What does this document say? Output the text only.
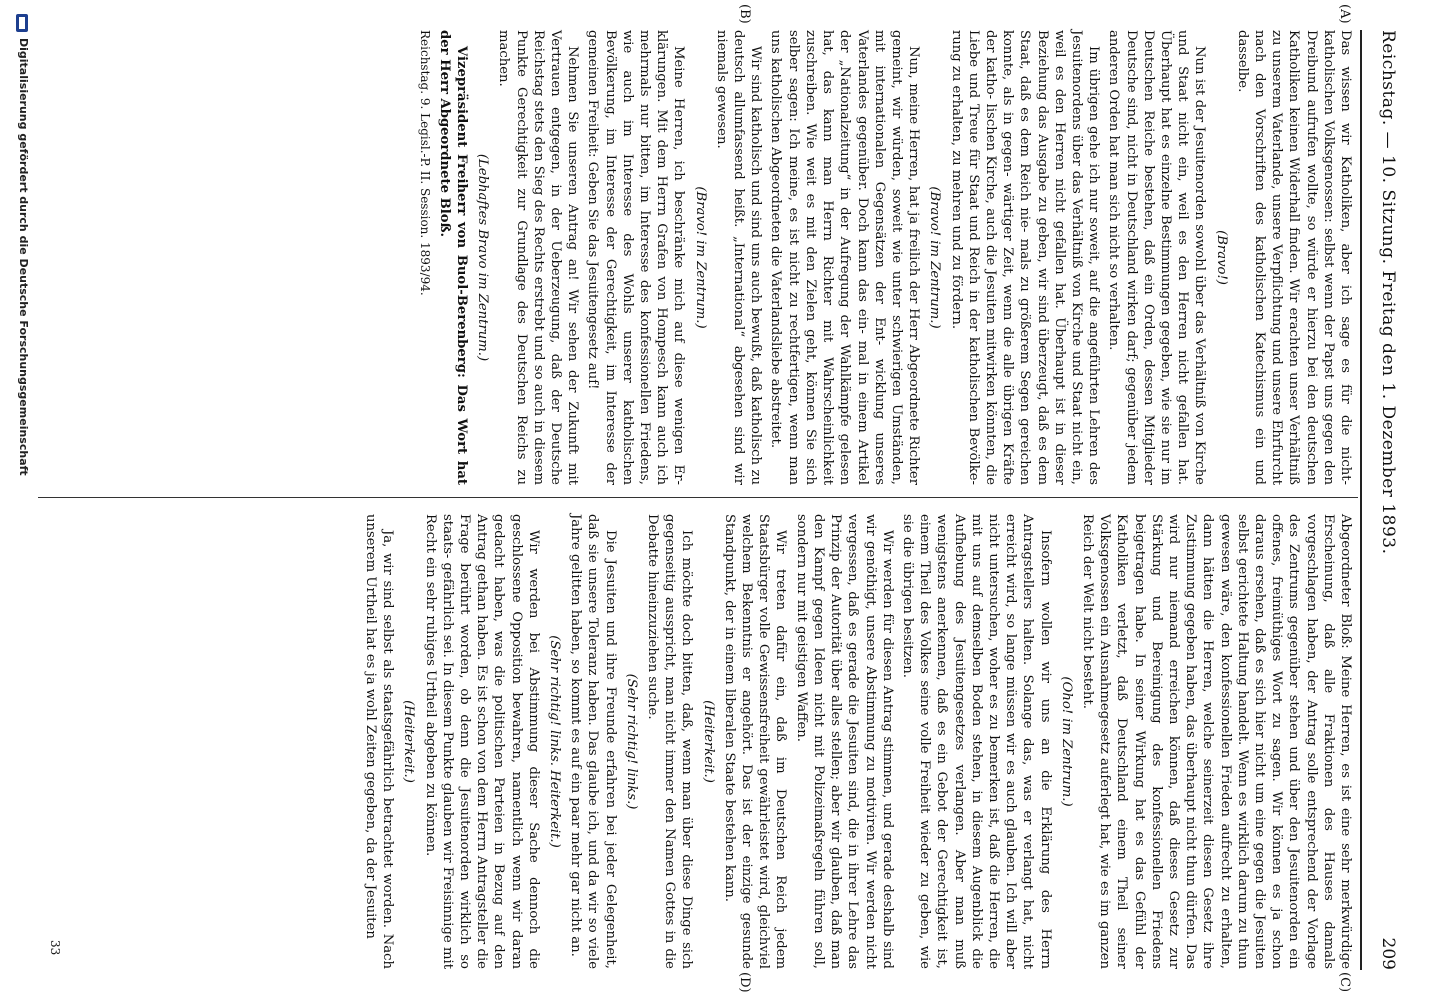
Reichstag. — 10. Sitzung. Freitag den 1. Dezember 1893.
209
(A)
(B)
(C)
(D)

Das wissen wir Katholiken, aber ich sage es für die nicht-katholischen Volksgenossen: selbst wenn der Papst uns gegen den Dreibund aufrufen wollte, so würde er hierzu bei den deutschen Katholiken keinen Widerhall finden. Wir erachten unser Verhältniß zu unserem Vaterlande, unsere Verpflichtung und unsere Ehrfurcht nach den Vorschriften des katholischen Katechismus ein und dasselbe.

(Bravo!)

Nun ist der Jesuitenorden sowohl über das Verhältniß von Kirche und Staat nicht ein, weil es den Herren nicht gefallen hat. Überhaupt hat es einzelne Bestimmungen gegeben, wie sie nur im Deutschen Reiche bestehen, daß ein Orden, dessen Mitglieder Deutsche sind, nicht in Deutschland wirken darf; gegenüber jedem anderen Orden hat man sich nicht so verhalten.

Im übrigen gehe ich nur soweit, auf die angeführten Lehren des Jesuitenordens über das Verhältniß von Kirche und Staat nicht ein, weil es den Herren nicht gefallen hat. Überhaupt ist in dieser Beziehung das Ausgabe zu geben, wir sind überzeugt, daß es dem Staat, daß es dem Reich nie- mals zu größerem Segen gereichen konnte, als in gegen- wärtiger Zeit, wenn die alle übrigen Kräfte der katho- lischen Kirche, auch die Jesuiten mitwirken könnten, die Liebe und Treue für Staat und Reich in der katholischen Bevölke- rung zu erhalten, zu mehren und zu fördern.

(Bravo! im Zentrum.)

Nun, meine Herren, hat ja freilich der Herr Abgeordnete Richter gemeint, wir würden, soweit wie unter schwierigen Umständen, mit internationalen Gegensätzen der Ent- wicklung unseres Vaterlandes gegenüber. Doch kann das ein- mal in einem Artikel der „Nationalzeitung“ in der Aufregung der Wahlkämpfe gelesen hat, das kann man Herrn Richter mit Wahrscheinlichkeit zuschreiben. Wie weit es mit den Zielen geht, können Sie sich selber sagen: Ich meine, es ist nicht zu rechtfertigen, wenn man uns katholischen Abgeordneten die Vaterlandsliebe abstreitet.

Wir sind katholisch und sind uns auch bewußt, daß katholisch zu deutsch allumfassend heißt. „International“ abgesehen sind wir niemals gewesen.

(Bravo! im Zentrum.)

Meine Herren, ich beschränke mich auf diese wenigen Er- klärungen. Mit dem Herrn Grafen von Hompesch kann auch ich mehrmals nur bitten, im Interesse des konfessionellen Friedens, wie auch im Interesse des Wohls unserer katholischen Bevölkerung, im Interesse der Gerechtigkeit, im Interesse der gemeinen Freiheit: Geben Sie das Jesuitengesetz auf!

Nehmen Sie unseren Antrag an! Wir sehen der Zukunft mit Vertrauen entgegen, in der Ueberzeugung, daß der Deutsche Reichstag stets den Sieg des Rechts erstrebt und so auch in diesem Punkte Gerechtigkeit zur Grundlage des Deutschen Reichs zu machen.

(Lebhaftes Bravo im Zentrum.)

Vizepräsident Freiherr von Buol-Berenberg: Das Wort hat der Herr Abgeordnete Bloß.

Reichstag. 9. Legisl.-P. II. Session. 1893/94.

Abgeordneter Bloß: Meine Herren, es ist eine sehr merkwürdige Erscheinung, daß alle Fraktionen des Hauses damals vorgeschlagen haben, der Antrag solle entsprechend der Vorlage des Zentrums gegenüber stehen und über den Jesuitenorden ein offenes, freimüthiges Wort zu sagen. Wir können es ja schon daraus ersehen, daß es sich hier nicht um eine gegen die Jesuiten selbst gerichtete Haltung handelt. Wenn es wirklich darum zu thun gewesen wäre, den konfessionellen Frieden aufrecht zu erhalten, dann hätten die Herren, welche seinerzeit diesen Gesetz ihre Zustimmung gegeben haben, das überhaupt nicht thun dürfen. Das wird nur niemand erreichen können, daß dieses Gesetz zur Stärkung und Bereinigung des konfessionellen Friedens beigetragen habe. In seiner Wirkung hat es das Gefühl der Katholiken verletzt, daß Deutschland einem Theil seiner Volksgenossen ein Ausnahmegesetz auferlegt hat, wie es im ganzen Reich der Welt nicht besteht.

(Oho! im Zentrum.)

Insofern wollen wir uns an die Erklärung des Herrn Antragstellers halten. Solange das, was er verlangt hat, nicht erreicht wird, so lange müssen wir es auch glauben. Ich will aber nicht untersuchen, woher es zu bemerken ist, daß die Herren, die mit uns auf demselben Boden stehen, in diesem Augenblick die Aufhebung des Jesuitengesetzes verlangen. Aber man muß wenigstens anerkennen, daß es ein Gebot der Gerechtigkeit ist, einem Theil des Volkes seine volle Freiheit wieder zu geben, wie sie die übrigen besitzen.

Wir werden für diesen Antrag stimmen, und gerade deshalb sind wir genöthigt, unsere Abstimmung zu motiviren. Wir werden nicht vergessen, daß es gerade die Jesuiten sind, die in ihrer Lehre das Prinzip der Autorität über alles stellen; aber wir glauben, daß man den Kampf gegen Ideen nicht mit Polizeimaßregeln führen soll, sondern nur mit geistigen Waffen.

Wir treten dafür ein, daß im Deutschen Reich jedem Staatsbürger volle Gewissensfreiheit gewährleistet wird, gleichviel welchem Bekenntnis er angehört. Das ist der einzige gesunde Standpunkt, der in einem liberalen Staate bestehen kann.

(Heiterkeit.)

Ich möchte doch bitten, daß, wenn man über diese Dinge sich gegenseitig ausspricht, man nicht immer den Namen Gottes in die Debatte hineinzuziehen suche.

(Sehr richtig! links.)

Die Jesuiten und ihre Freunde erfahren bei jeder Gelegenheit, daß sie unsere Toleranz haben. Das glaube ich, und da wir so viele Jahre gelitten haben, so kommt es auf ein paar mehr gar nicht an.

(Sehr richtig! links. Heiterkeit.)

Wir werden bei Abstimmung dieser Sache dennoch die geschlossene Opposition bewahren, namentlich wenn wir daran gedacht haben, was die politischen Parteien in Bezug auf den Antrag gethan haben. Es ist schon von dem Herrn Antragsteller die Frage berührt worden, ob denn die Jesuitenorden wirklich so staats- gefährlich sei. In diesem Punkte glauben wir Freisinnige mit Recht ein sehr ruhiges Urtheil abgeben zu können.

(Heiterkeit.)

Ja, wir sind selbst als staatsgefährlich betrachtet worden. Nach unserem Urtheil hat es ja wohl Zeiten gegeben, da der Jesuiten

33
Digitalisierung gefördert durch die Deutsche Forschungsgemeinschaft
